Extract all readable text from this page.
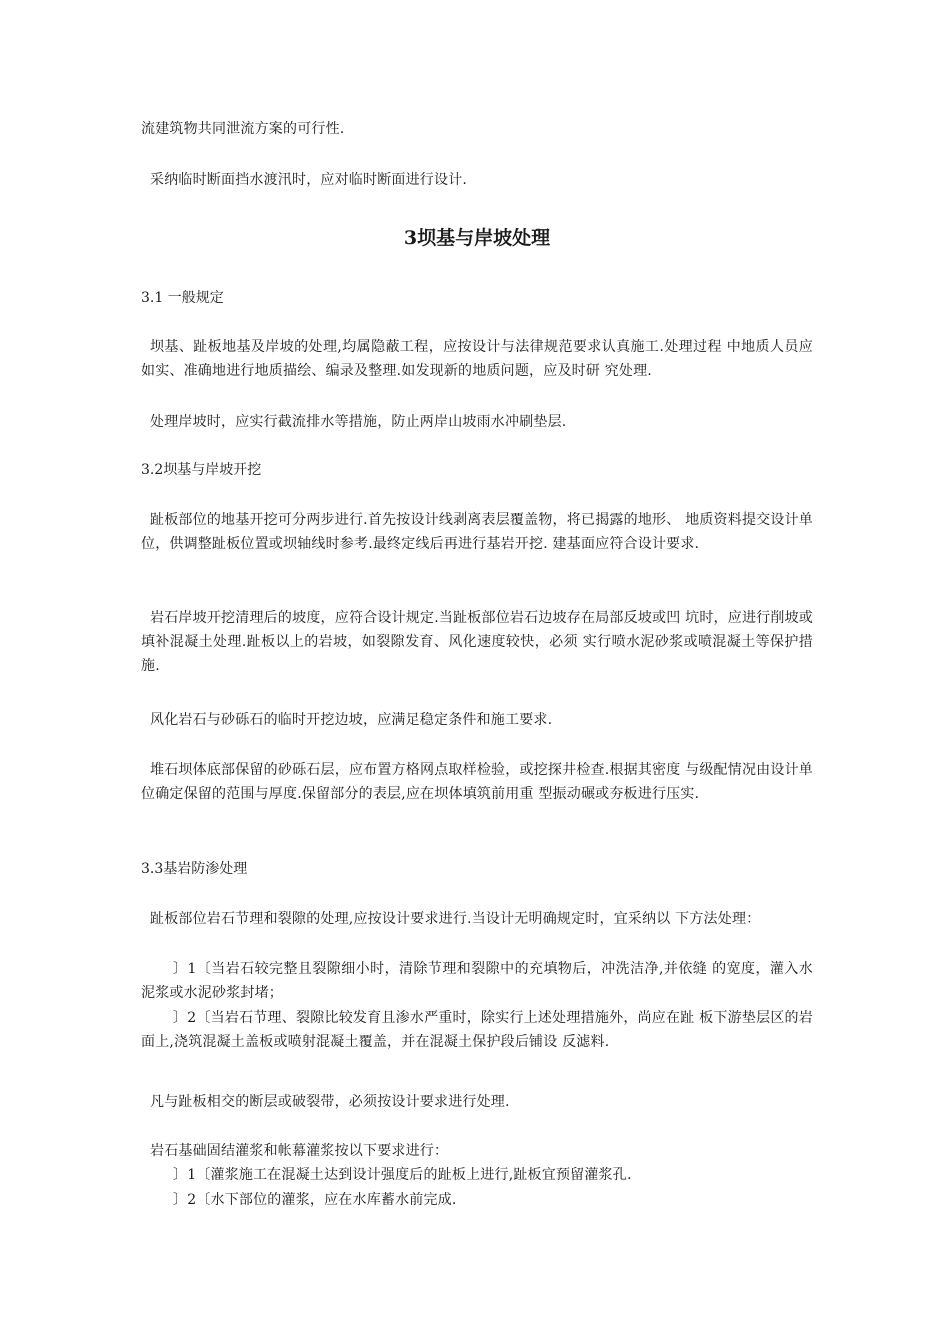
流建筑物共同泄流方案的可行性.

采纳临时断面挡水渡汛时，应对临时断面进行设计.

3坝基与岸坡处理

3.1 一般规定

坝基、趾板地基及岸坡的处理,均属隐蔽工程，应按设计与法律规范要求认真施工.处理过程 中地质人员应如实、准确地进行地质描绘、编录及整理.如发现新的地质问题，应及时研 究处理.

处理岸坡时，应实行截流排水等措施，防止两岸山坡雨水冲刷垫层.

3.2坝基与岸坡开挖

趾板部位的地基开挖可分两步进行.首先按设计线剥离表层覆盖物，将已揭露的地形、 地质资料提交设计单位，供调整趾板位置或坝轴线时参考.最终定线后再进行基岩开挖. 建基面应符合设计要求.

岩石岸坡开挖清理后的坡度，应符合设计规定.当趾板部位岩石边坡存在局部反坡或凹 坑时，应进行削坡或填补混凝土处理.趾板以上的岩坡，如裂隙发育、风化速度较快，必须 实行喷水泥砂浆或喷混凝土等保护措施.

风化岩石与砂砾石的临时开挖边坡，应满足稳定条件和施工要求.

堆石坝体底部保留的砂砾石层，应布置方格网点取样检验，或挖探井检查.根据其密度 与级配情况由设计单位确定保留的范围与厚度.保留部分的表层,应在坝体填筑前用重 型振动碾或夯板进行压实.

3.3基岩防渗处理

趾板部位岩石节理和裂隙的处理,应按设计要求进行.当设计无明确规定时，宜采纳以 下方法处理：

〕1〔当岩石较完整且裂隙细小时，清除节理和裂隙中的充填物后，冲洗洁净,并依缝 的宽度，灌入水泥浆或水泥砂浆封堵；

〕2〔当岩石节理、裂隙比较发育且渗水严重时，除实行上述处理措施外，尚应在趾 板下游垫层区的岩面上,浇筑混凝土盖板或喷射混凝土覆盖，并在混凝土保护段后铺设 反滤料.

凡与趾板相交的断层或破裂带，必须按设计要求进行处理.

岩石基础固结灌浆和帐幕灌浆按以下要求进行：

〕1〔灌浆施工在混凝土达到设计强度后的趾板上进行,趾板宜预留灌浆孔.

〕2〔水下部位的灌浆，应在水库蓄水前完成.
